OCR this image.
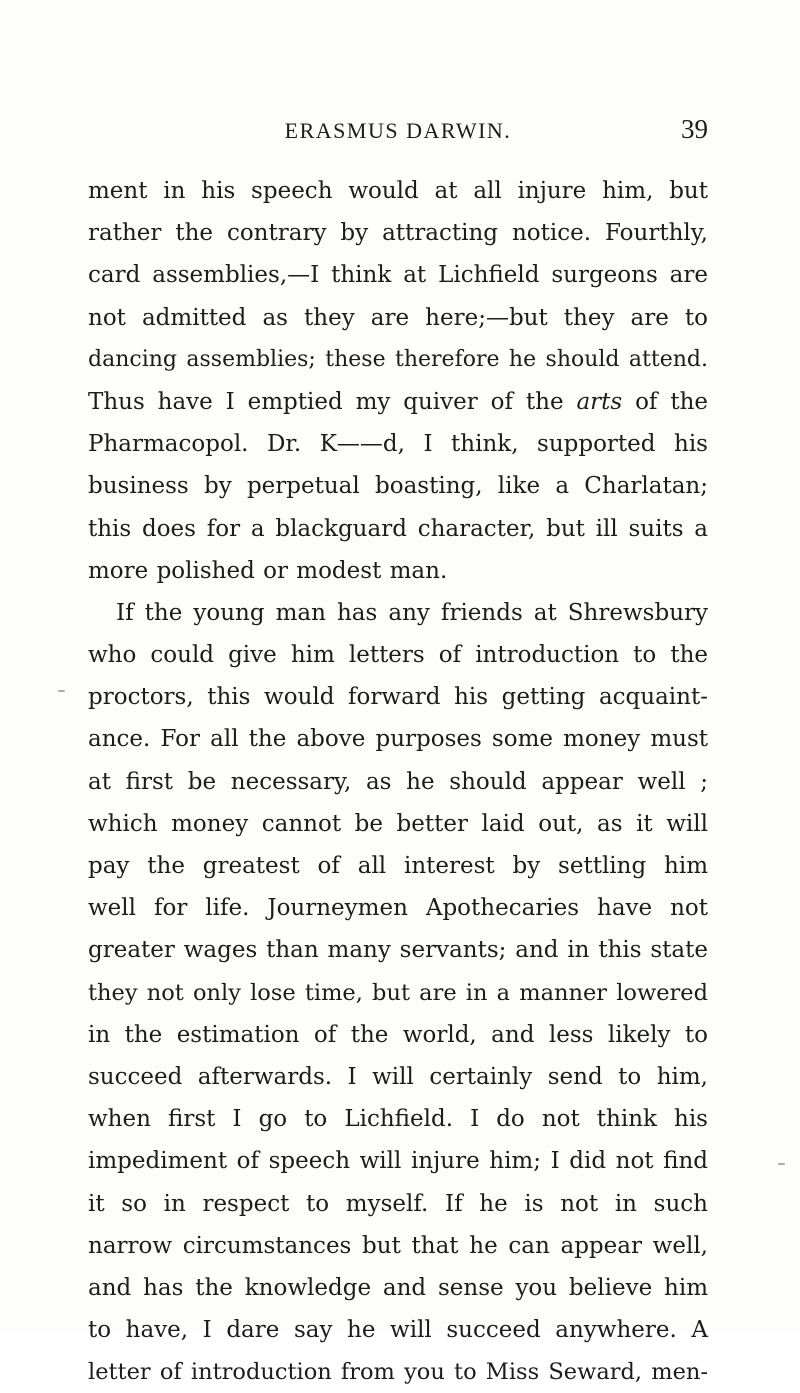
ERASMUS DARWIN.	39
ment in his speech would at all injure him, but
rather the contrary by attracting notice. Fourthly,
card assemblies,—I think at Lichfield surgeons are
not admitted as they are here;—but they are to
dancing assemblies; these therefore he should attend.
Thus have I emptied my quiver of the arts of the
Pharmacopol. Dr. K——d, I think, supported his
business by perpetual boasting, like a Charlatan;
this does for a blackguard character, but ill suits a
more polished or modest man.
If the young man has any friends at Shrewsbury
who could give him letters of introduction to the
proctors, this would forward his getting acquaint-
ance. For all the above purposes some money must
at first be necessary, as he should appear well ;
which money cannot be better laid out, as it will
pay the greatest of all interest by settling him
well for life. Journeymen Apothecaries have not
greater wages than many servants; and in this state
they not only lose time, but are in a manner lowered
in the estimation of the world, and less likely to
succeed afterwards. I will certainly send to him,
when first I go to Lichfield. I do not think his
impediment of speech will injure him; I did not find
it so in respect to myself. If he is not in such
narrow circumstances but that he can appear well,
and has the knowledge and sense you believe him
to have, I dare say he will succeed anywhere. A
letter of introduction from you to Miss Seward, men-
